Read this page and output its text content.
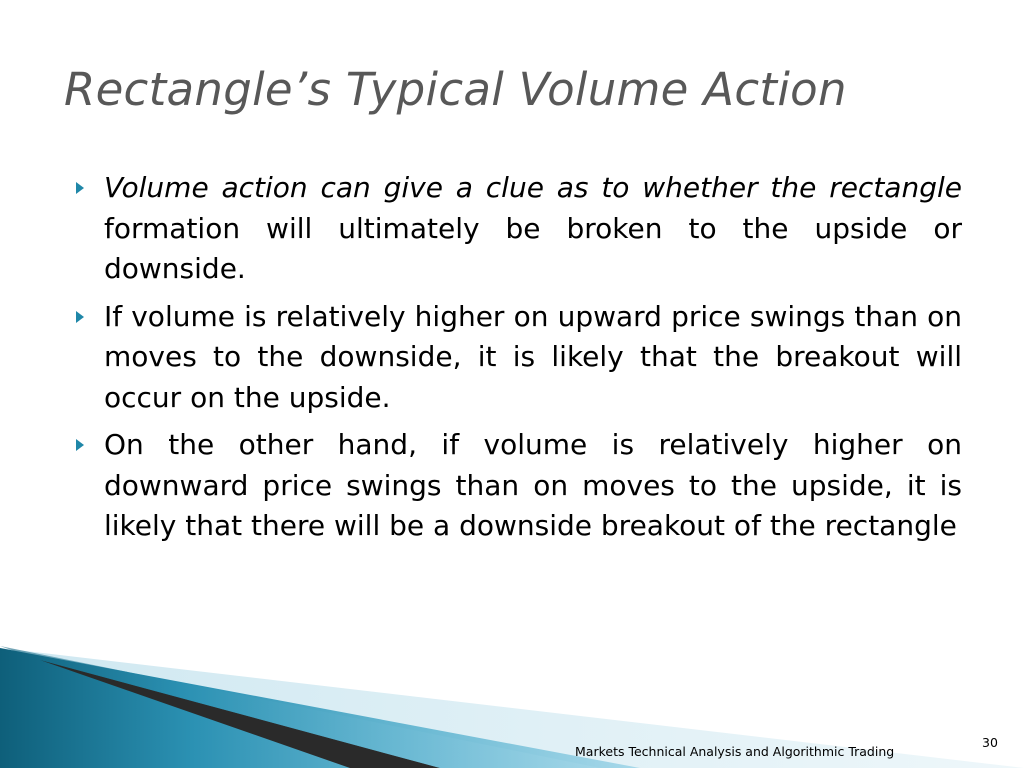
Rectangle’s Typical Volume Action
Volume action can give a clue as to whether the rectangle formation will ultimately be broken to the upside or downside.
If volume is relatively higher on upward price swings than on moves to the downside, it is likely that the breakout will occur on the upside.
On the other hand, if volume is relatively higher on downward price swings than on moves to the upside, it is likely that there will be a downside breakout of the rectangle
Markets Technical Analysis and Algorithmic Trading
30
